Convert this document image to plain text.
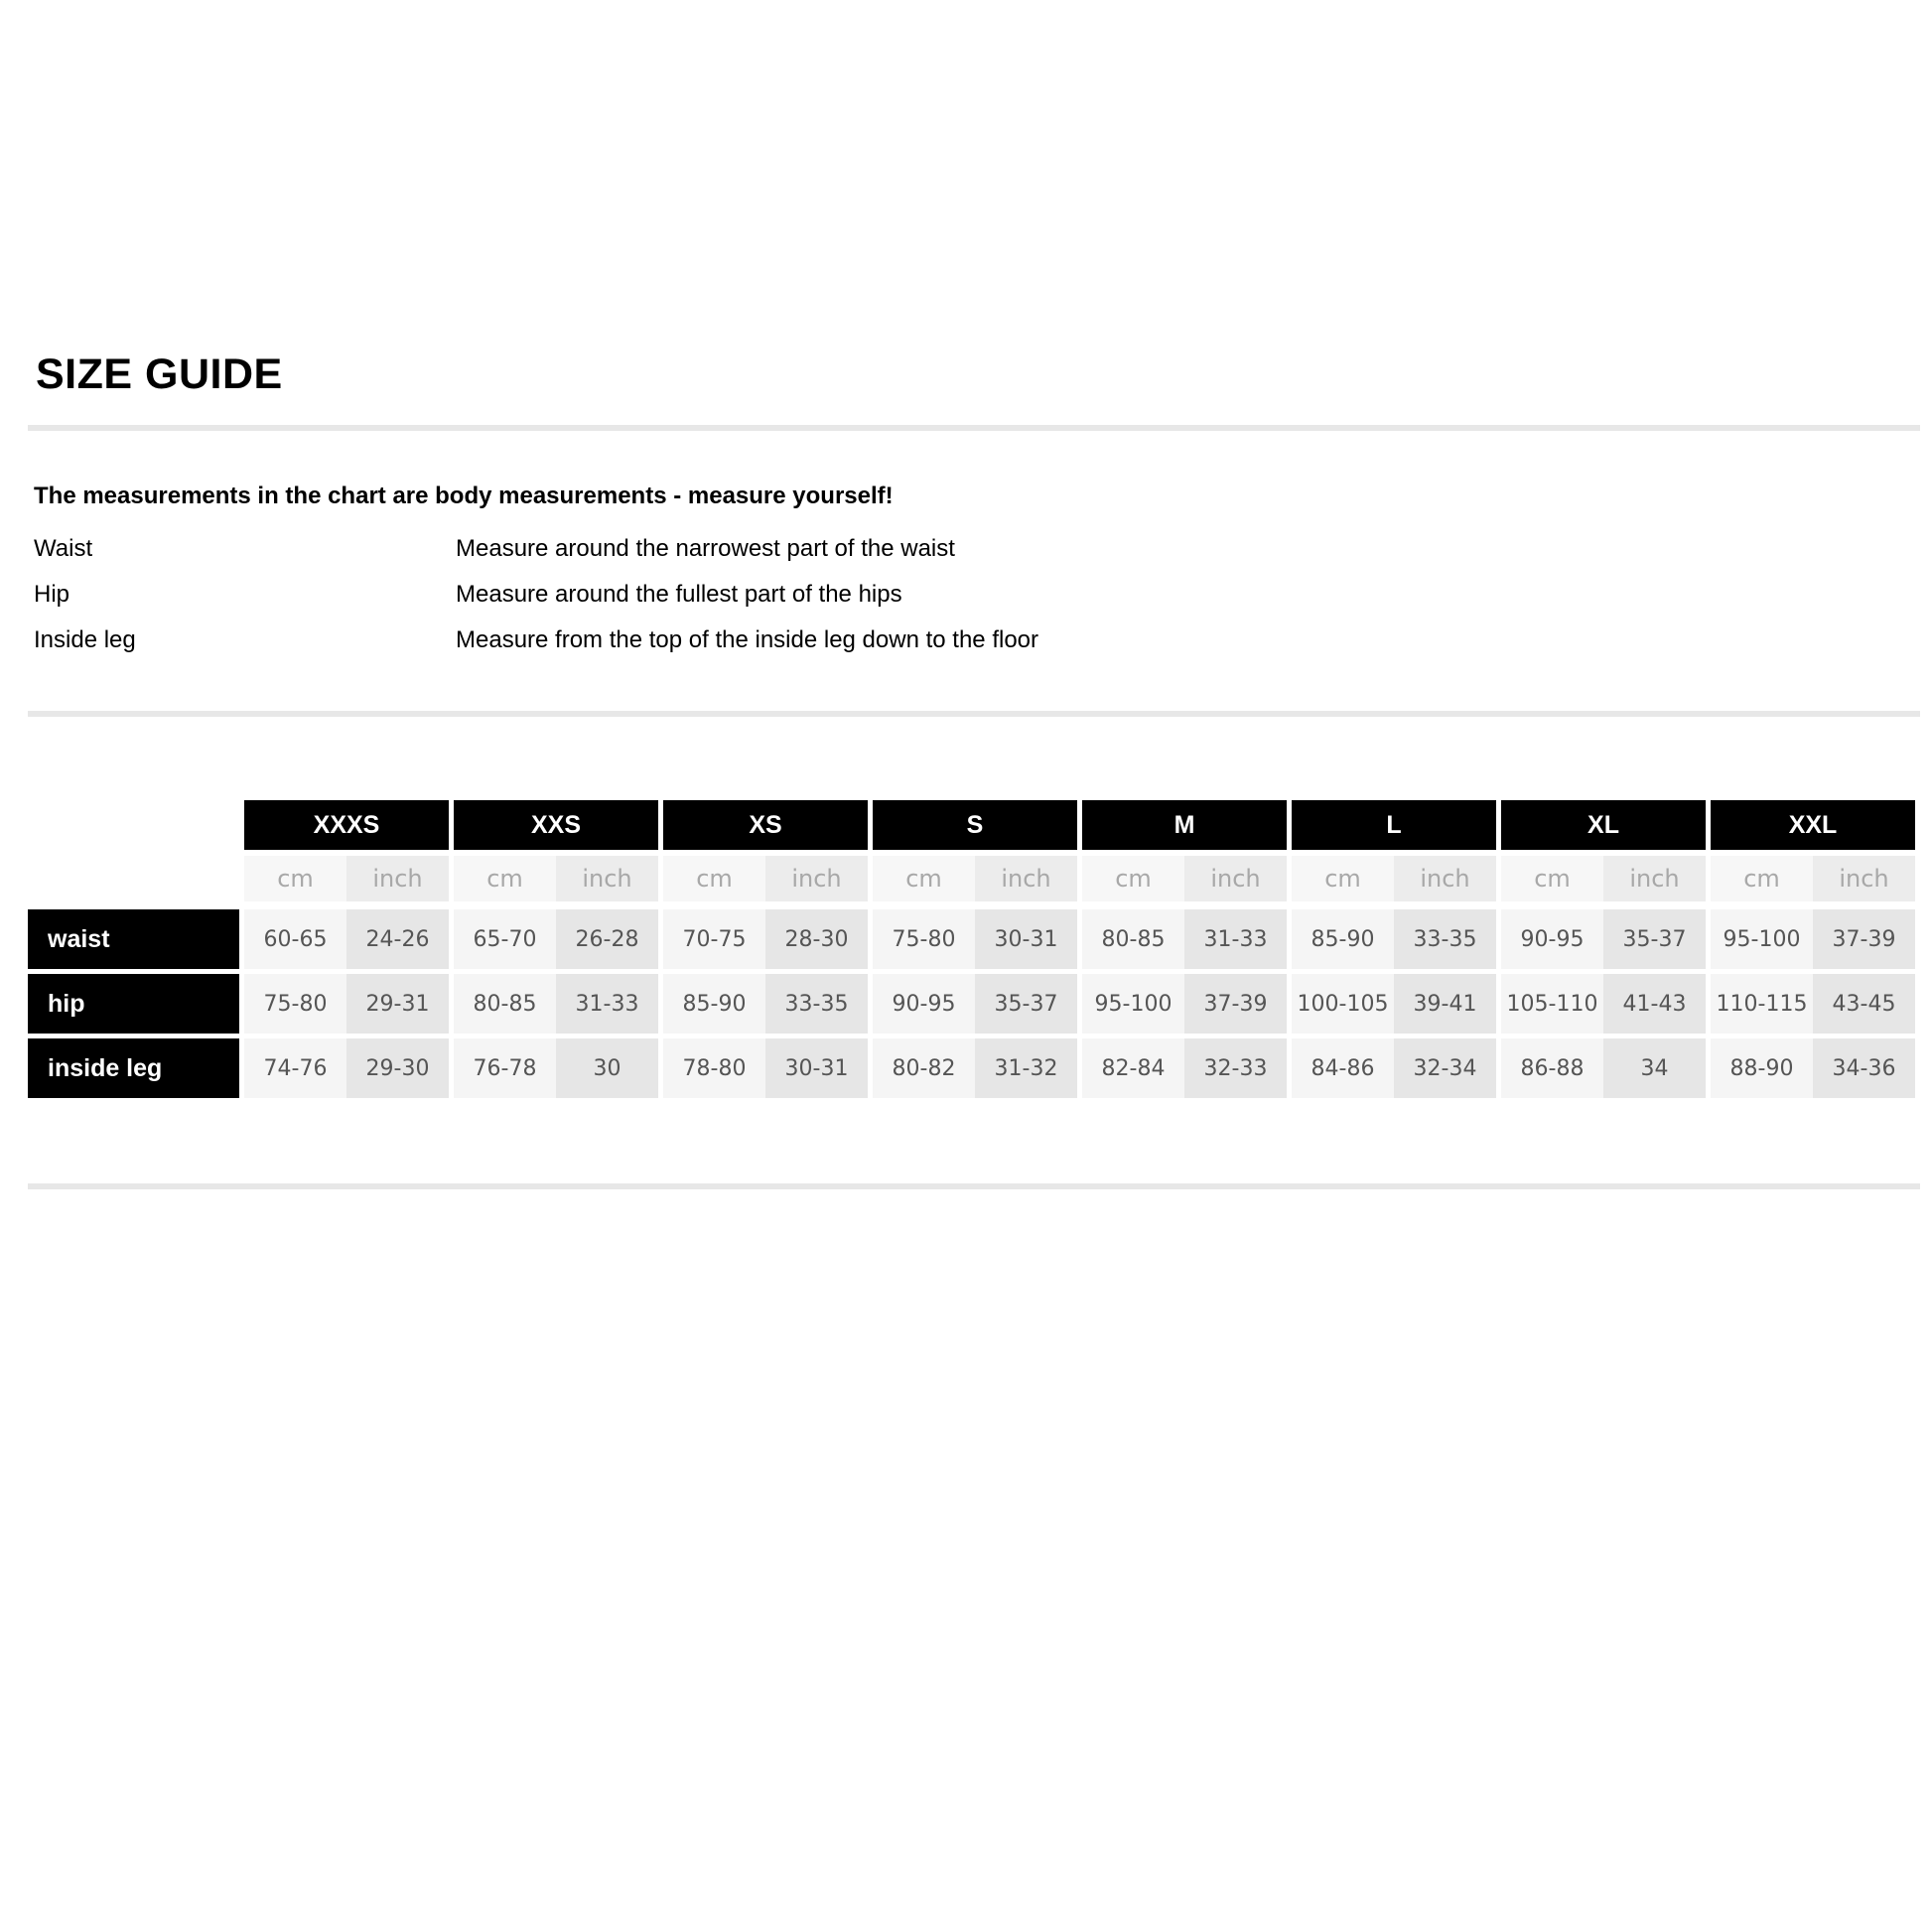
SIZE GUIDE
The measurements in the chart are body measurements - measure yourself!
Waist	Measure around the narrowest part of the waist
Hip	Measure around the fullest part of the hips
Inside leg	Measure from the top of the inside leg down to the floor
XXXS	XXS	XS	S	M	L	XL	XXL
cm	inch	cm	inch	cm	inch	cm	inch	cm	inch	cm	inch	cm	inch	cm	inch
waist	60-65	24-26	65-70	26-28	70-75	28-30	75-80	30-31	80-85	31-33	85-90	33-35	90-95	35-37	95-100	37-39
hip	75-80	29-31	80-85	31-33	85-90	33-35	90-95	35-37	95-100	37-39	100-105	39-41	105-110	41-43	110-115	43-45
inside leg	74-76	29-30	76-78	30	78-80	30-31	80-82	31-32	82-84	32-33	84-86	32-34	86-88	34	88-90	34-36
